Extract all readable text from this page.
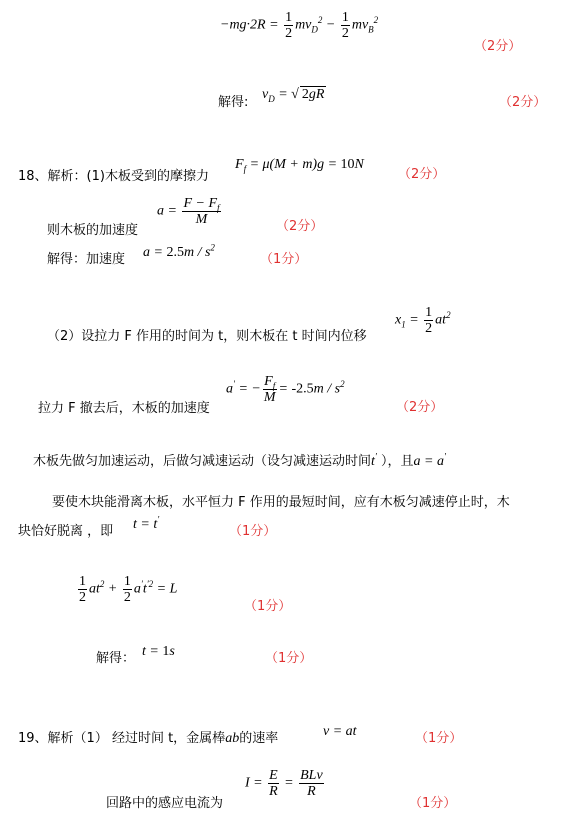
$-mg\cdot 2R = \frac{1}{2} mv_D^2 - \frac{1}{2} mv_B^2$
（2分）
解得:
$v_D$ = √ 2gR
（2分）
18、解析：(1)木板受到的摩擦力
$F_f = \mu(M + m)g = 10N$
（2分）
则木板的加速度
$a = \frac{F - F_f}{M}$	（2分）
解得：加速度 $a = 2.5m / s^2$
（1分）
（2）设拉力 F 作用的时间为 t，则木板在 t 时间内位移
$x_1 = \frac{1}{2} at^2$
拉力 F 撤去后，木板的加速度
a′ = − $\frac{F_f}{M} = -2.5m / s^2$
（2分）
木板先做匀加速运动，后做匀减速运动（设匀减速运动时间t′ ），且a = a′
要使木块能滑离木板，水平恒力 F 作用的最短时间，应有木板匀减速停止时，木
块恰好脱离 ，即 t = t′
（1分）
$\frac{1}{2} at^2 + \frac{1}{2} a't^{'2} = L$
（1分）
解得： t = 1s	（1分）
19、解析（1） 经过时间 t，金属棒ab的速率	v = at	（1分）
回路中的感应电流为
$I = \frac{E}{R} = \frac{\text{BLv}}{R}$
（1分）
